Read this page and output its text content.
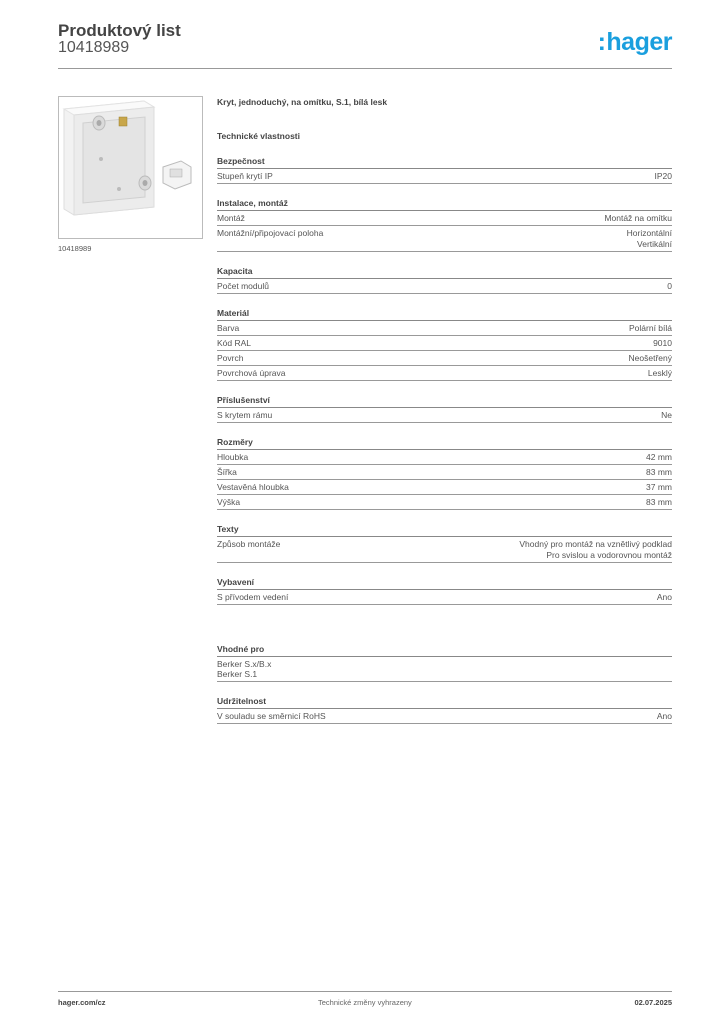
Produktový list
10418989	:hager
10418989
Kryt, jednoduchý, na omítku, S.1, bílá lesk
Technické vlastnosti
Bezpečnost
Stupeň krytí IP	IP20
Instalace, montáž
Montáž	Montáž na omítku
Montážní/připojovací poloha	Horizontální
Vertikální
Kapacita
Počet modulů	0
Materiál
Barva	Polární bílá
Kód RAL	9010
Povrch	Neošetřený
Povrchová úprava	Lesklý
Příslušenství
S krytem rámu	Ne
Rozměry
Hloubka	42 mm
Šířka	83 mm
Vestavěná hloubka	37 mm
Výška	83 mm
Texty
Způsob montáže	Vhodný pro montáž na vznětlivý podklad
Pro svislou a vodorovnou montáž
Vybavení
S přívodem vedení	Ano
Vhodné pro
Berker S.x/B.x
Berker S.1
Udržitelnost
V souladu se směrnicí RoHS	Ano
hager.com/cz	Technické změny vyhrazeny	02.07.2025
